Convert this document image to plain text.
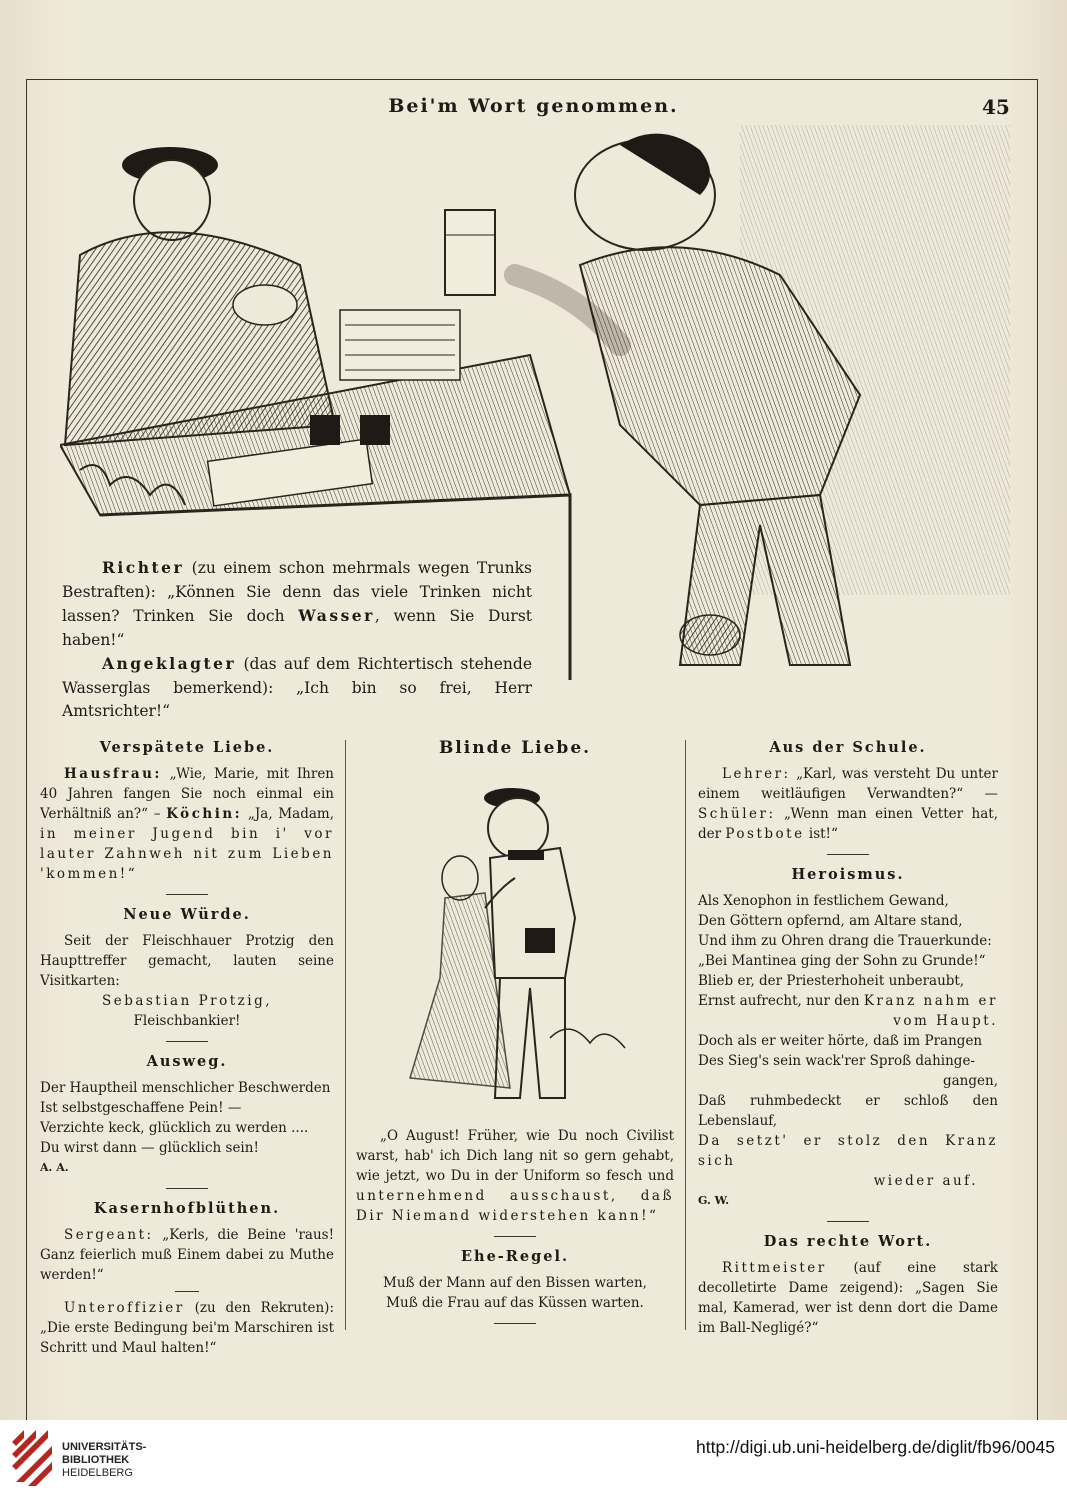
Bei'm Wort genommen.	45

Richter (zu einem schon mehrmals wegen Trunks Bestraften): „Können Sie denn das viele Trinken nicht lassen? Trinken Sie doch Wasser, wenn Sie Durst haben!“

Angeklagter (das auf dem Richtertisch stehende Wasserglas bemerkend): „Ich bin so frei, Herr Amtsrichter!“

Verspätete Liebe.

Hausfrau: „Wie, Marie, mit Ihren 40 Jahren fangen Sie noch einmal ein Verhältniß an?“ – Köchin: „Ja, Madam, in meiner Jugend bin i' vor lauter Zahnweh nit zum Lieben 'kommen!“

Neue Würde.

Seit der Fleischhauer Protzig den Haupttreffer gemacht, lauten seine Visitkarten:

Sebastian Protzig,

Fleischbankier!

Ausweg.

Der Hauptheil menschlicher Beschwerden

Ist selbstgeschaffene Pein! —

Verzichte keck, glücklich zu werden ....

Du wirst dann — glücklich sein!

A. A.

Kasernhofblüthen.

Sergeant: „Kerls, die Beine 'raus! Ganz feierlich muß Einem dabei zu Muthe werden!“

Unteroffizier (zu den Rekruten): „Die erste Bedingung bei'm Marschiren ist Schritt und Maul halten!“

Blinde Liebe.

„O August! Früher, wie Du noch Civilist warst, hab' ich Dich lang nit so gern gehabt, wie jetzt, wo Du in der Uniform so fesch und unternehmend ausschaust, daß Dir Niemand widerstehen kann!“

Ehe-Regel.

Muß der Mann auf den Bissen warten,

Muß die Frau auf das Küssen warten.

Aus der Schule.

Lehrer: „Karl, was versteht Du unter einem weitläufigen Verwandten?“ — Schüler: „Wenn man einen Vetter hat, der Postbote ist!“

Heroismus.

Als Xenophon in festlichem Gewand,

Den Göttern opfernd, am Altare stand,

Und ihm zu Ohren drang die Trauerkunde:

„Bei Mantinea ging der Sohn zu Grunde!“

Blieb er, der Priesterhoheit unberaubt,

Ernst aufrecht, nur den Kranz nahm er

vom Haupt.

Doch als er weiter hörte, daß im Prangen

Des Sieg's sein wack'rer Sproß dahinge-

gangen,

Daß ruhmbedeckt er schloß den Lebenslauf,

Da setzt' er stolz den Kranz sich

wieder auf.

G. W.

Das rechte Wort.

Rittmeister (auf eine stark decolletirte Dame zeigend): „Sagen Sie mal, Kamerad, wer ist denn dort die Dame im Ball-Negligé?“

UNIVERSITÄTS-
BIBLIOTHEK
HEIDELBERG
http://digi.ub.uni-heidelberg.de/diglit/fb96/0045
